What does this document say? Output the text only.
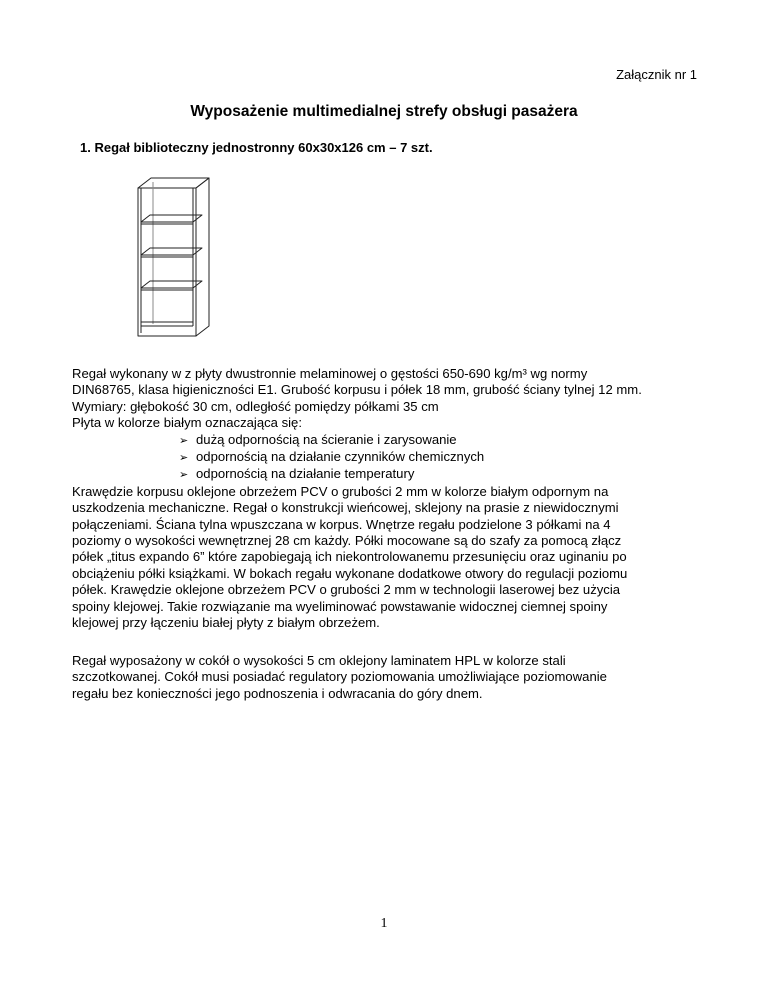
Załącznik nr 1
Wyposażenie multimedialnej strefy obsługi pasażera
1. Regał biblioteczny jednostronny 60x30x126 cm – 7 szt.
Regał wykonany w z płyty dwustronnie melaminowej o gęstości 650-690 kg/m³ wg normy
DIN68765, klasa higieniczności E1. Grubość korpusu i półek 18 mm, grubość ściany tylnej 12 mm.
Wymiary: głębokość 30 cm, odległość pomiędzy półkami 35 cm
Płyta w kolorze białym oznaczająca się:
➢ dużą odpornością na ścieranie i zarysowanie
➢ odpornością na działanie czynników chemicznych
➢ odpornością na działanie temperatury
Krawędzie korpusu oklejone obrzeżem PCV o grubości 2 mm w kolorze białym odpornym na
uszkodzenia mechaniczne. Regał o konstrukcji wieńcowej, sklejony na prasie z niewidocznymi
połączeniami. Ściana tylna wpuszczana w korpus. Wnętrze regału podzielone 3 półkami na 4
poziomy o wysokości wewnętrznej 28 cm każdy. Półki mocowane są do szafy za pomocą złącz
półek „titus expando 6” które zapobiegają ich niekontrolowanemu przesunięciu oraz uginaniu po
obciążeniu półki książkami. W bokach regału wykonane dodatkowe otwory do regulacji poziomu
półek. Krawędzie oklejone obrzeżem PCV o grubości 2 mm w technologii laserowej bez użycia
spoiny klejowej. Takie rozwiązanie ma wyeliminować powstawanie widocznej ciemnej spoiny
klejowej przy łączeniu białej płyty z białym obrzeżem.
Regał wyposażony w cokół o wysokości 5 cm oklejony laminatem HPL w kolorze stali
szczotkowanej. Cokół musi posiadać regulatory poziomowania umożliwiające poziomowanie
regału bez konieczności jego podnoszenia i odwracania do góry dnem.
1
